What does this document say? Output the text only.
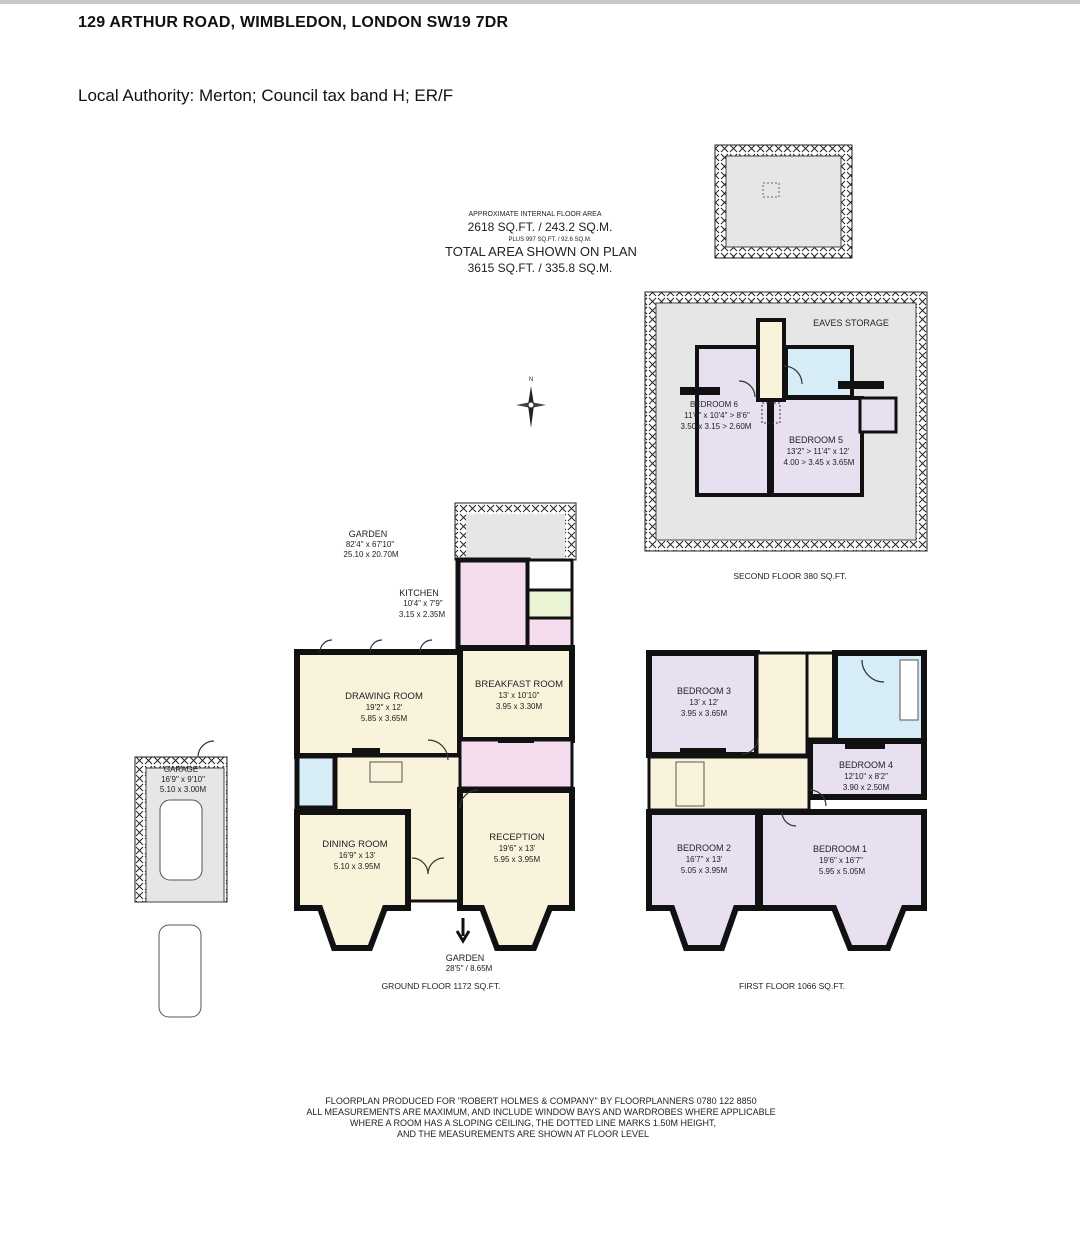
129 ARTHUR ROAD, WIMBLEDON, LONDON SW19 7DR
Local Authority: Merton; Council tax band H; ER/F
APPROXIMATE INTERNAL FLOOR AREA
2618 SQ.FT. / 243.2 SQ.M.
PLUS 997 SQ.FT. / 92.6 SQ.M.
TOTAL AREA SHOWN ON PLAN
3615 SQ.FT. / 335.8 SQ.M.
N
EAVES STORAGE
BEDROOM 6
11'6" x 10'4" > 8'6"
3.50 x 3.15 > 2.60M
BEDROOM 5
13'2" > 11'4" x 12'
4.00 > 3.45 x 3.65M
SECOND FLOOR 380 SQ.FT.
GARDEN
82'4" x 67'10"
25.10 x 20.70M
KITCHEN
10'4" x 7'9"
3.15 x 2.35M
DRAWING ROOM
19'2" x 12'
5.85 x 3.65M
BREAKFAST ROOM
13' x 10'10"
3.95 x 3.30M
DINING ROOM
16'9" x 13'
5.10 x 3.95M
RECEPTION
19'6" x 13'
5.95 x 3.95M
GARDEN
28'5" / 8.65M
GROUND FLOOR 1172 SQ.FT.
GARAGE
16'9" x 9'10"
5.10 x 3.00M
BEDROOM 3
13' x 12'
3.95 x 3.65M
BEDROOM 4
12'10" x 8'2"
3.90 x 2.50M
BEDROOM 2
16'7" x 13'
5.05 x 3.95M
BEDROOM 1
19'6" x 16'7"
5.95 x 5.05M
FIRST FLOOR 1066 SQ.FT.
FLOORPLAN PRODUCED FOR "ROBERT HOLMES & COMPANY" BY FLOORPLANNERS 0780 122 8850
ALL MEASUREMENTS ARE MAXIMUM, AND INCLUDE WINDOW BAYS AND WARDROBES WHERE APPLICABLE
WHERE A ROOM HAS A SLOPING CEILING, THE DOTTED LINE MARKS 1.50M HEIGHT,
AND THE MEASUREMENTS ARE SHOWN AT FLOOR LEVEL
